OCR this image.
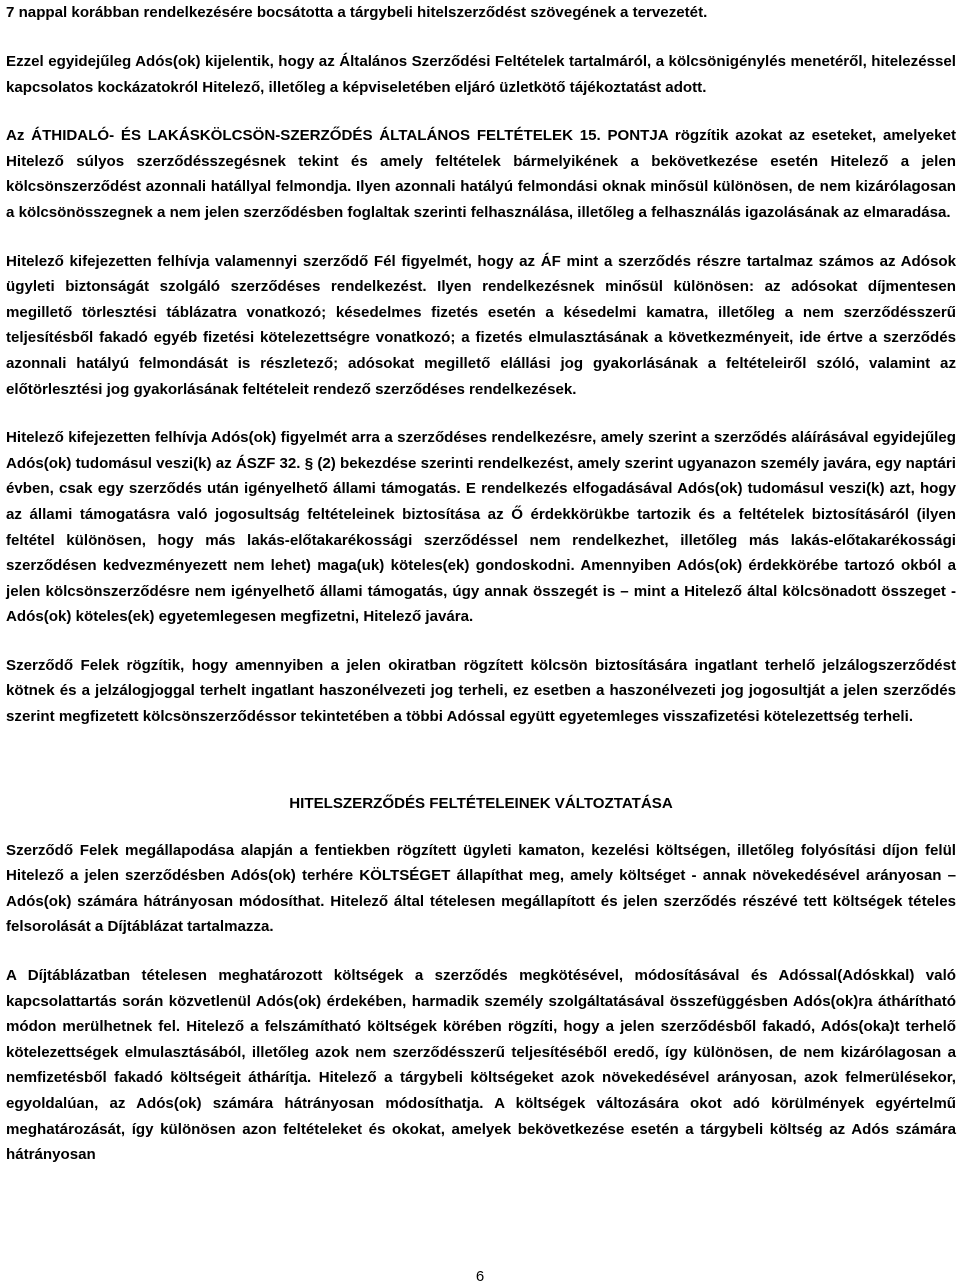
7 nappal korábban rendelkezésére bocsátotta a tárgybeli hitelszerződést szövegének a tervezetét.

Ezzel egyidejűleg Adós(ok) kijelentik, hogy az Általános Szerződési Feltételek tartalmáról, a kölcsönigénylés menetéről, hitelezéssel kapcsolatos kockázatokról Hitelező, illetőleg a képviseletében eljáró üzletkötő tájékoztatást adott.

Az ÁTHIDALÓ- ÉS LAKÁSKÖLCSÖN-SZERZŐDÉS ÁLTALÁNOS FELTÉTELEK 15. PONTJA rögzítik azokat az eseteket, amelyeket Hitelező súlyos szerződésszegésnek tekint és amely feltételek bármelyikének a bekövetkezése esetén Hitelező a jelen kölcsönszerződést azonnali hatállyal felmondja. Ilyen azonnali hatályú felmondási oknak minősül különösen, de nem kizárólagosan a kölcsönösszegnek a nem jelen szerződésben foglaltak szerinti felhasználása, illetőleg a felhasználás igazolásának az elmaradása.

Hitelező kifejezetten felhívja valamennyi szerződő Fél figyelmét, hogy az ÁF mint a szerződés részre tartalmaz számos az Adósok ügyleti biztonságát szolgáló szerződéses rendelkezést. Ilyen rendelkezésnek minősül különösen: az adósokat díjmentesen megillető törlesztési táblázatra vonatkozó; késedelmes fizetés esetén a késedelmi kamatra, illetőleg a nem szerződésszerű teljesítésből fakadó egyéb fizetési kötelezettségre vonatkozó; a fizetés elmulasztásának a következményeit, ide értve a szerződés azonnali hatályú felmondását is részletező; adósokat megillető elállási jog gyakorlásának a feltételeiről szóló, valamint az előtörlesztési jog gyakorlásának feltételeit rendező szerződéses rendelkezések.

Hitelező kifejezetten felhívja Adós(ok) figyelmét arra a szerződéses rendelkezésre, amely szerint a szerződés aláírásával egyidejűleg Adós(ok) tudomásul veszi(k) az ÁSZF 32. § (2) bekezdése szerinti rendelkezést, amely szerint ugyanazon személy javára, egy naptári évben, csak egy szerződés után igényelhető állami támogatás. E rendelkezés elfogadásával Adós(ok) tudomásul veszi(k) azt, hogy az állami támogatásra való jogosultság feltételeinek biztosítása az Ő érdekkörükbe tartozik és a feltételek biztosításáról (ilyen feltétel különösen, hogy más lakás-előtakarékossági szerződéssel nem rendelkezhet, illetőleg más lakás-előtakarékossági szerződésen kedvezményezett nem lehet) maga(uk) köteles(ek) gondoskodni. Amennyiben Adós(ok) érdekkörébe tartozó okból a jelen kölcsönszerződésre nem igényelhető állami támogatás, úgy annak összegét is – mint a Hitelező által kölcsönadott összeget - Adós(ok) köteles(ek) egyetemlegesen megfizetni, Hitelező javára.

Szerződő Felek rögzítik, hogy amennyiben a jelen okiratban rögzített kölcsön biztosítására ingatlant terhelő jelzálogszerződést kötnek és a jelzálogjoggal terhelt ingatlant haszonélvezeti jog terheli, ez esetben a haszonélvezeti jog jogosultját a jelen szerződés szerint megfizetett kölcsönszerződéssor tekintetében a többi Adóssal együtt egyetemleges visszafizetési kötelezettség terheli.

HITELSZERZŐDÉS FELTÉTELEINEK VÁLTOZTATÁSA

Szerződő Felek megállapodása alapján a fentiekben rögzített ügyleti kamaton, kezelési költségen, illetőleg folyósítási díjon felül Hitelező a jelen szerződésben Adós(ok) terhére KÖLTSÉGET állapíthat meg, amely költséget - annak növekedésével arányosan – Adós(ok) számára hátrányosan módosíthat. Hitelező által tételesen megállapított és jelen szerződés részévé tett költségek tételes felsorolását a Díjtáblázat tartalmazza.

A Díjtáblázatban tételesen meghatározott költségek a szerződés megkötésével, módosításával és Adóssal(Adóskkal) való kapcsolattartás során közvetlenül Adós(ok) érdekében, harmadik személy szolgáltatásával összefüggésben Adós(ok)ra áthárítható módon merülhetnek fel. Hitelező a felszámítható költségek körében rögzíti, hogy a jelen szerződésből fakadó, Adós(oka)t terhelő kötelezettségek elmulasztásából, illetőleg azok nem szerződésszerű teljesítéséből eredő, így különösen, de nem kizárólagosan a nemfizetésből fakadó költségeit áthárítja. Hitelező a tárgybeli költségeket azok növekedésével arányosan, azok felmerülésekor, egyoldalúan, az Adós(ok) számára hátrányosan módosíthatja. A költségek változására okot adó körülmények egyértelmű meghatározását, így különösen azon feltételeket és okokat, amelyek bekövetkezése esetén a tárgybeli költség az Adós számára hátrányosan

6
